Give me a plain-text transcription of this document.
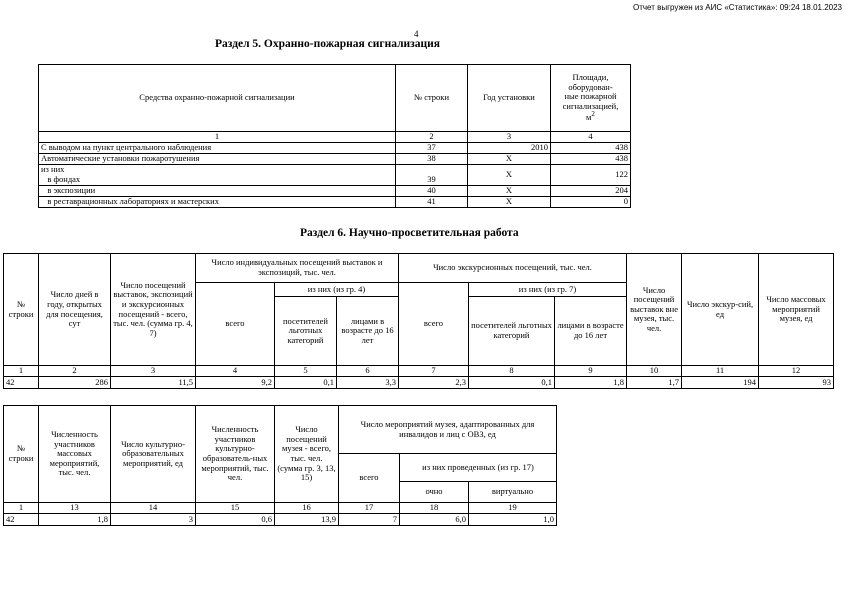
Отчет выгружен из АИС «Статистика»: 09:24 18.01.2023
4
Раздел 5. Охранно-пожарная сигнализация
Средства охранно-пожарной сигнализации	№ строки	Год установки	Площади,
оборудован-
ные пожарной
сигнализацией,
$м^2$
1	2	3	4
С выводом на пункт центрального наблюдения	37	2010	438
Автоматические установки пожаротушения	38	X	438
из них
в фондах	39	X	122
в экспозиции	40	X	204
в реставрационных лабораториях и мастерских	41	X	0
Раздел 6. Научно-просветительная работа
№ строки	Число дней в году, открытых для посещения, сут	Число посещений выставок, экспозиций и экскурсионных посещений - всего, тыс. чел. (сумма гр. 4, 7)	Число индивидуальных посещений выставок и экспозиций, тыс. чел.			Число экскурсионных посещений, тыс. чел.			Число посещений выставок вне музея, тыс. чел.	Число экскур-сий, ед	Число массовых мероприятий музея, ед
			всего	из них (из гр. 4)		всего	из них (из гр. 7)				
				посетителей льготных категорий	лицами в возрасте до 16 лет		посетителей льготных категорий	лицами в возрасте до 16 лет			
1	2	3	4	5	6	7	8	9	10	11	12
42	286	11,5	9,2	0,1	3,3	2,3	0,1	1,8	1,7	194	93
№ строки	Численность участников массовых мероприятий, тыс. чел.	Число культурно-образовательных мероприятий, ед	Численность участников культурно-образователь-ных мероприятий, тыс. чел.	Число посещений музея - всего, тыс. чел. (сумма гр. 3, 13, 15)	Число мероприятий музея, адаптированных для инвалидов и лиц с ОВЗ, ед		
					всего	из них проведенных (из гр. 17)	
						очно	виртуально
1	13	14	15	16	17	18	19
42	1,8	3	0,6	13,9	7	6,0	1,0
